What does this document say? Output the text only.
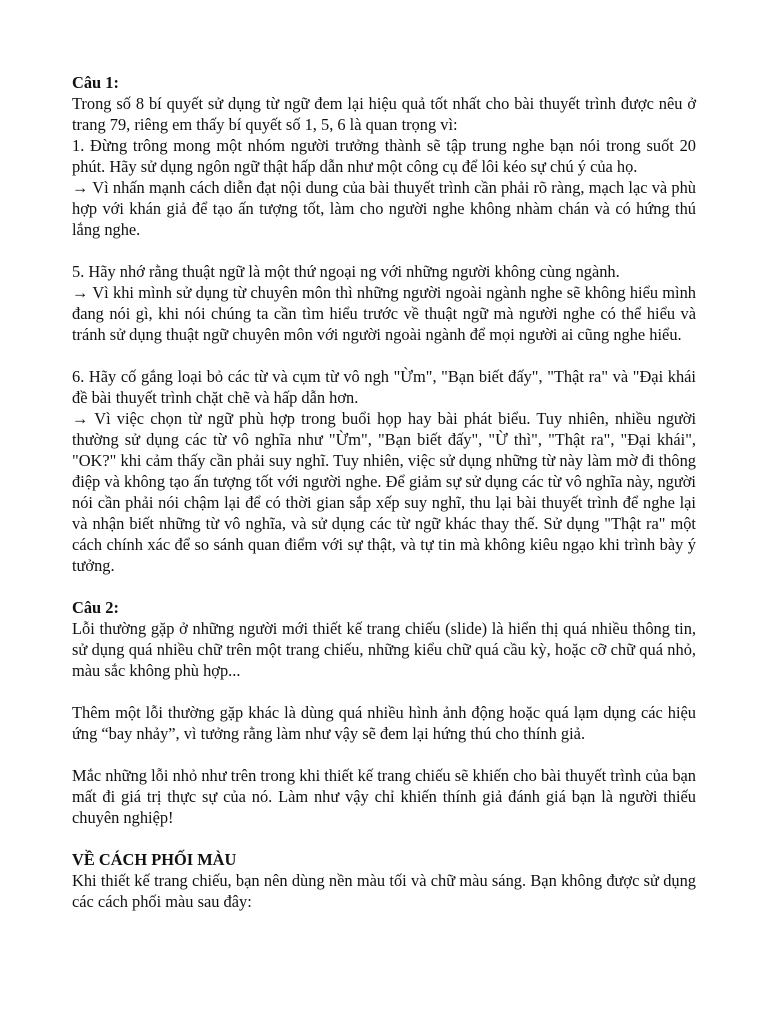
Câu 1:

Trong số 8 bí quyết sử dụng từ ngữ đem lại hiệu quả tốt nhất cho bài thuyết trình được nêu ở trang 79, riêng em thấy bí quyết số 1, 5, 6 là quan trọng vì:

1. Đừng trông mong một nhóm người trưởng thành sẽ tập trung nghe bạn nói trong suốt 20 phút. Hãy sử dụng ngôn ngữ thật hấp dẫn như một công cụ để lôi kéo sự chú ý của họ.

→ Vì nhấn mạnh cách diễn đạt nội dung của bài thuyết trình cần phải rõ ràng, mạch lạc và phù hợp với khán giả để tạo ấn tượng tốt, làm cho người nghe không nhàm chán và có hứng thú lắng nghe.

5. Hãy nhớ rằng thuật ngữ là một thứ ngoại ng với những người không cùng ngành.

→ Vì khi mình sử dụng từ chuyên môn thì những người ngoài ngành nghe sẽ không hiểu mình đang nói gì, khi nói chúng ta cần tìm hiểu trước về thuật ngữ mà người nghe có thể hiểu và tránh sử dụng thuật ngữ chuyên môn với người ngoài ngành để mọi người ai cũng nghe hiểu.

6. Hãy cố gắng loại bỏ các từ và cụm từ vô ngh "Ừm", "Bạn biết đấy", "Thật ra" và "Đại khái đề bài thuyết trình chặt chẽ và hấp dẫn hơn.

→ Vì việc chọn từ ngữ phù hợp trong buổi họp hay bài phát biểu. Tuy nhiên, nhiều người thường sử dụng các từ vô nghĩa như "Ừm", "Bạn biết đấy", "Ừ thì", "Thật ra", "Đại khái", "OK?" khi cảm thấy cần phải suy nghĩ. Tuy nhiên, việc sử dụng những từ này làm mờ đi thông điệp và không tạo ấn tượng tốt với người nghe. Để giảm sự sử dụng các từ vô nghĩa này, người nói cần phải nói chậm lại để có thời gian sắp xếp suy nghĩ, thu lại bài thuyết trình để nghe lại và nhận biết những từ vô nghĩa, và sử dụng các từ ngữ khác thay thế. Sử dụng "Thật ra" một cách chính xác để so sánh quan điểm với sự thật, và tự tin mà không kiêu ngạo khi trình bày ý tưởng.

Câu 2:

Lỗi thường gặp ở những người mới thiết kế trang chiếu (slide) là hiển thị quá nhiều thông tin, sử dụng quá nhiều chữ trên một trang chiếu, những kiểu chữ quá cầu kỳ, hoặc cỡ chữ quá nhỏ, màu sắc không phù hợp...

Thêm một lỗi thường gặp khác là dùng quá nhiều hình ảnh động hoặc quá lạm dụng các hiệu ứng “bay nhảy”, vì tưởng rằng làm như vậy sẽ đem lại hứng thú cho thính giả.

Mắc những lỗi nhỏ như trên trong khi thiết kế trang chiếu sẽ khiến cho bài thuyết trình của bạn mất đi giá trị thực sự của nó. Làm như vậy chỉ khiến thính giả đánh giá bạn là người thiếu chuyên nghiệp!

VỀ CÁCH PHỐI MÀU

Khi thiết kế trang chiếu, bạn nên dùng nền màu tối và chữ màu sáng. Bạn không được sử dụng các cách phối màu sau đây:
